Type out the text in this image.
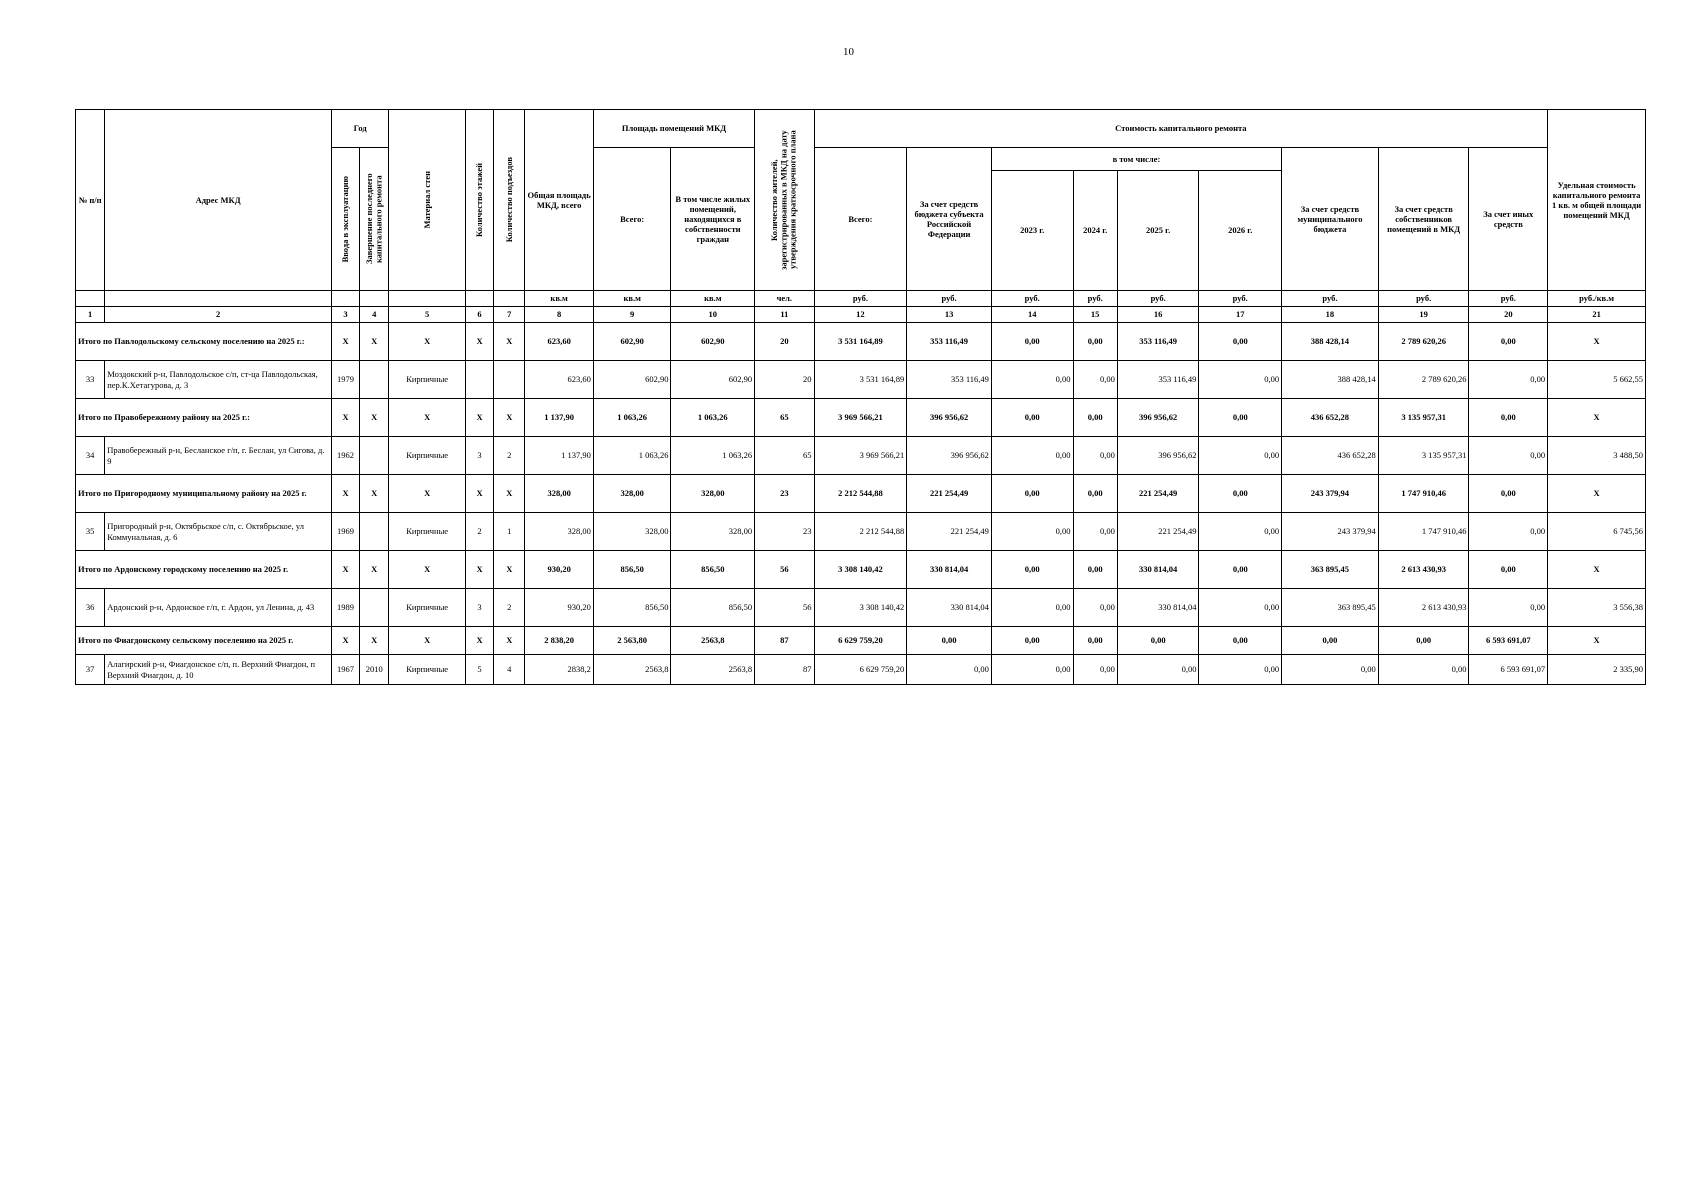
10
№ п/п	Адрес МКД	Год		Материал стен	Количество этажей	Количество подъездов	Общая площадь МКД, всего	Площадь помещений МКД		Количество жителей, зарегистрированных в МКД на дату утверждения краткосрочного плана	Стоимость капитального ремонта									Удельная стоимость капитального ремонта 1 кв. м общей площади помещений МКД

		Ввода в эксплуатацию	Завершение последнего капитального ремонта					Всего:	В том числе жилых помещений, находящихся в собственности граждан		Всего:	За счет средств бюджета субъекта Российской Федерации	в том числе:				За счет средств муниципального бюджета	За счет средств собственников помещений в МКД	За счет иных средств	
													2023 г.	2024 г.	2025 г.	2026 г.				

							кв.м	кв.м	кв.м	чел.	руб.	руб.	руб.	руб.	руб.	руб.	руб.	руб.	руб.	руб./кв.м
1	2	3	4	5	6	7	8	9	10	11	12	13	14	15	16	17	18	19	20	21
Итого по Павлодольскому сельскому поселению на 2025 г.:		X	X	X	X	X	623,60	602,90	602,90	20	3 531 164,89	353 116,49	0,00	0,00	353 116,49	0,00	388 428,14	2 789 620,26	0,00	X
33	Моздокский р-н, Павлодольское с/п, ст-ца Павлодольская, пер.К.Хетагурова, д. 3	1979		Кирпичные			623,60	602,90	602,90	20	3 531 164,89	353 116,49	0,00	0,00	353 116,49	0,00	388 428,14	2 789 620,26	0,00	5 662,55
Итого по Правобережному району на 2025 г.:		X	X	X	X	X	1 137,90	1 063,26	1 063,26	65	3 969 566,21	396 956,62	0,00	0,00	396 956,62	0,00	436 652,28	3 135 957,31	0,00	X
34	Правобережный р-н, Бесланское г/п, г. Беслан, ул Сигова, д. 9	1962		Кирпичные	3	2	1 137,90	1 063,26	1 063,26	65	3 969 566,21	396 956,62	0,00	0,00	396 956,62	0,00	436 652,28	3 135 957,31	0,00	3 488,50
Итого по Пригородному муниципальному району на 2025 г.		X	X	X	X	X	328,00	328,00	328,00	23	2 212 544,88	221 254,49	0,00	0,00	221 254,49	0,00	243 379,94	1 747 910,46	0,00	X
35	Пригородный р-н, Октябрьское с/п, с. Октябрьское, ул Коммунальная, д. 6	1969		Кирпичные	2	1	328,00	328,00	328,00	23	2 212 544,88	221 254,49	0,00	0,00	221 254,49	0,00	243 379,94	1 747 910,46	0,00	6 745,56
Итого по Ардонскому городскому поселению на 2025 г.		X	X	X	X	X	930,20	856,50	856,50	56	3 308 140,42	330 814,04	0,00	0,00	330 814,04	0,00	363 895,45	2 613 430,93	0,00	X
36	Ардонский р-н, Ардонское г/п, г. Ардон, ул Ленина, д. 43	1989		Кирпичные	3	2	930,20	856,50	856,50	56	3 308 140,42	330 814,04	0,00	0,00	330 814,04	0,00	363 895,45	2 613 430,93	0,00	3 556,38
Итого по Фиагдонскому сельскому поселению на 2025 г.		X	X	X	X	X	2 838,20	2 563,80	2563,8	87	6 629 759,20	0,00	0,00	0,00	0,00	0,00	0,00	0,00	6 593 691,07	X
37	Алагирский р-н, Фиагдонское с/п, п. Верхний Фиагдон, п Верхний Фиагдон, д. 10	1967	2010	Кирпичные	5	4	2838,2	2563,8	2563,8	87	6 629 759,20	0,00	0,00	0,00	0,00	0,00	0,00	0,00	6 593 691,07	2 335,90
